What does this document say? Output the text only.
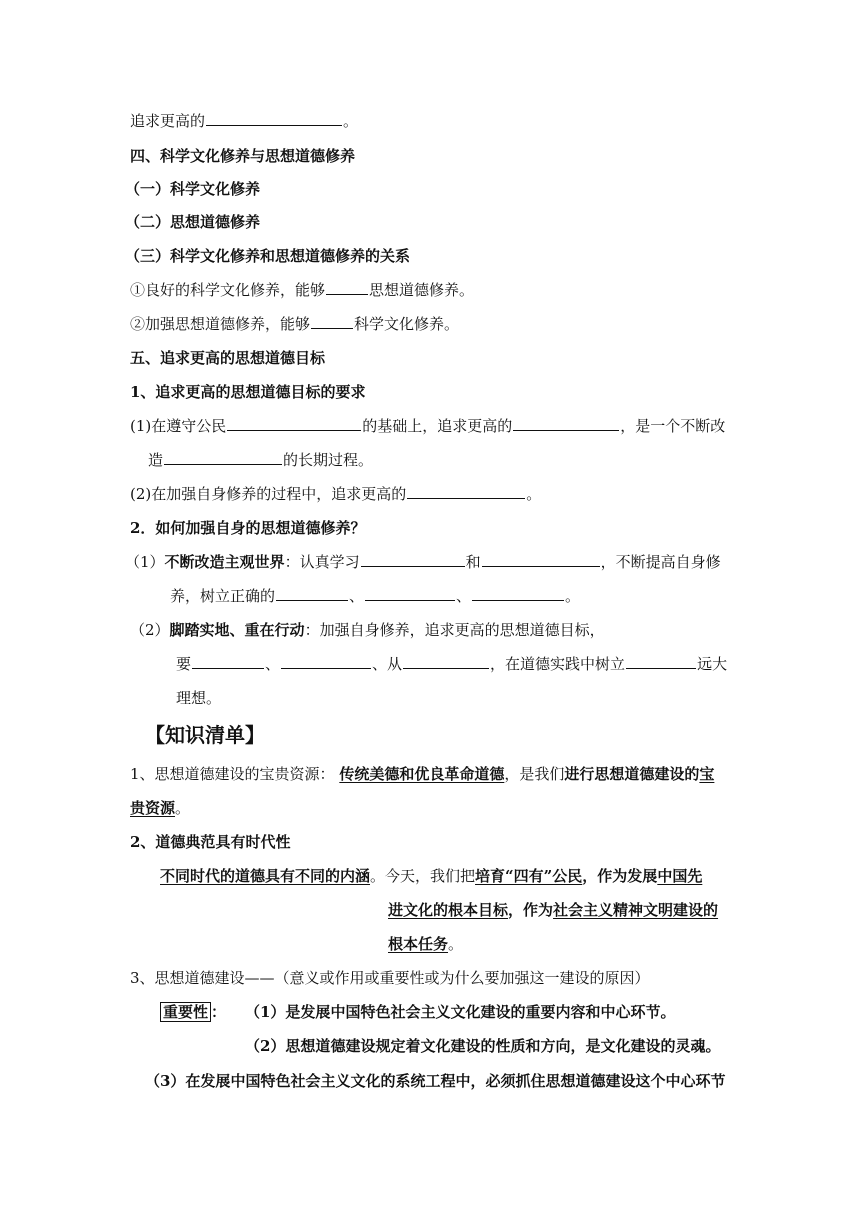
追求更高的	。
四、科学文化修养与思想道德修养
（一）科学文化修养
（二）思想道德修养
（三）科学文化修养和思想道德修养的关系
①良好的科学文化修养，能够	思想道德修养。
②加强思想道德修养，能够	科学文化修养。
五、追求更高的思想道德目标
1、追求更高的思想道德目标的要求
(1)在遵守公民	的基础上，追求更高的	，是一个不断改
造	的长期过程。
(2)在加强自身修养的过程中，追求更高的	。
2．如何加强自身的思想道德修养？
（1）不断改造主观世界：认真学习	和	，不断提高自身修
养，树立正确的	、	、	。
（2）脚踏实地、重在行动：加强自身修养，追求更高的思想道德目标，
要	、	、从	，在道德实践中树立	远大
理想。
【知识清单】
1、思想道德建设的宝贵资源： 传统美德和优良革命道德，是我们进行思想道德建设的宝
贵资源。
2、道德典范具有时代性
不同时代的道德具有不同的内涵。今天，我们把培育“四有”公民，作为发展中国先
进文化的根本目标，作为社会主义精神文明建设的
根本任务。
3、思想道德建设——（意义或作用或重要性或为什么要加强这一建设的原因）
重要性 ： （1）是发展中国特色社会主义文化建设的重要内容和中心环节。
（2）思想道德建设规定着文化建设的性质和方向，是文化建设的灵魂。
（3）在发展中国特色社会主义文化的系统工程中，必须抓住思想道德建设这个中心环节
